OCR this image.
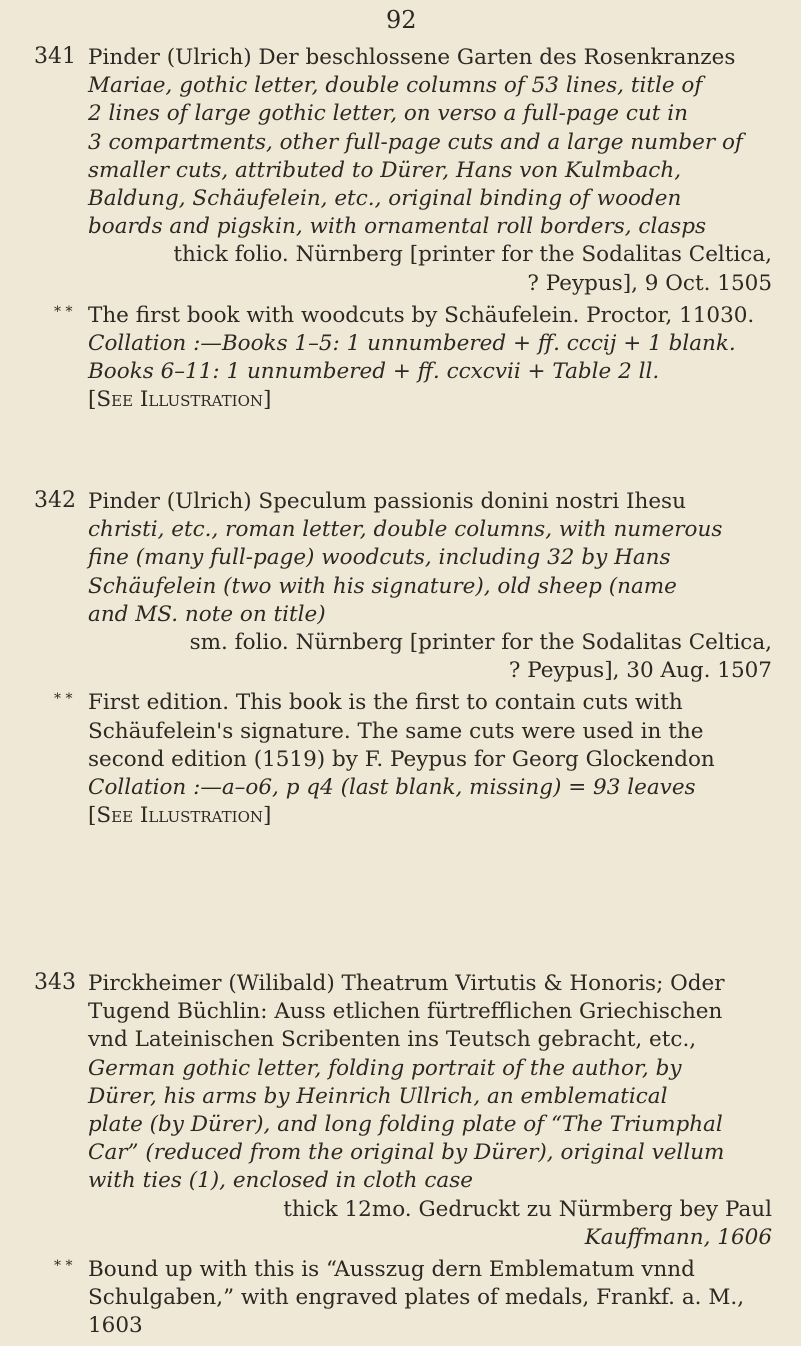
92
341 Pinder (Ulrich) Der beschlossene Garten des Rosenkranzes

Mariae, gothic letter, double columns of 53 lines, title of

2 lines of large gothic letter, on verso a full-page cut in

3 compartments, other full-page cuts and a large number of

smaller cuts, attributed to Dürer, Hans von Kulmbach,

Baldung, Schäufelein, etc., original binding of wooden

boards and pigskin, with ornamental roll borders, clasps

thick folio. Nürnberg [printer for the Sodalitas Celtica,

? Peypus], 9 Oct. 1505

* * The first book with woodcuts by Schäufelein. Proctor, 11030.

Collation :—Books 1–5: 1 unnumbered + ff. cccij + 1 blank. Books 6–11: 1 unnumbered + ff. ccxcvii + Table 2 ll.

[See Illustration]

342 Pinder (Ulrich) Speculum passionis donini nostri Ihesu

christi, etc., roman letter, double columns, with numerous

fine (many full-page) woodcuts, including 32 by Hans

Schäufelein (two with his signature), old sheep (name

and MS. note on title)

sm. folio. Nürnberg [printer for the Sodalitas Celtica,

? Peypus], 30 Aug. 1507

* * First edition. This book is the first to contain cuts with Schäufelein's signature. The same cuts were used in the second edition (1519) by F. Peypus for Georg Glockendon

Collation :—a–o6, p q4 (last blank, missing) = 93 leaves

[See Illustration]

343 Pirckheimer (Wilibald) Theatrum Virtutis & Honoris; Oder

Tugend Büchlin: Auss etlichen fürtrefflichen Griechischen

vnd Lateinischen Scribenten ins Teutsch gebracht, etc.,

German gothic letter, folding portrait of the author, by

Dürer, his arms by Heinrich Ullrich, an emblematical

plate (by Dürer), and long folding plate of “The Triumphal

Car” (reduced from the original by Dürer), original vellum

with ties (1), enclosed in cloth case

thick 12mo. Gedruckt zu Nürmberg bey Paul

Kauffmann, 1606

* * Bound up with this is “Ausszug dern Emblematum vnnd Schulgaben,” with engraved plates of medals, Frankf. a. M., 1603
